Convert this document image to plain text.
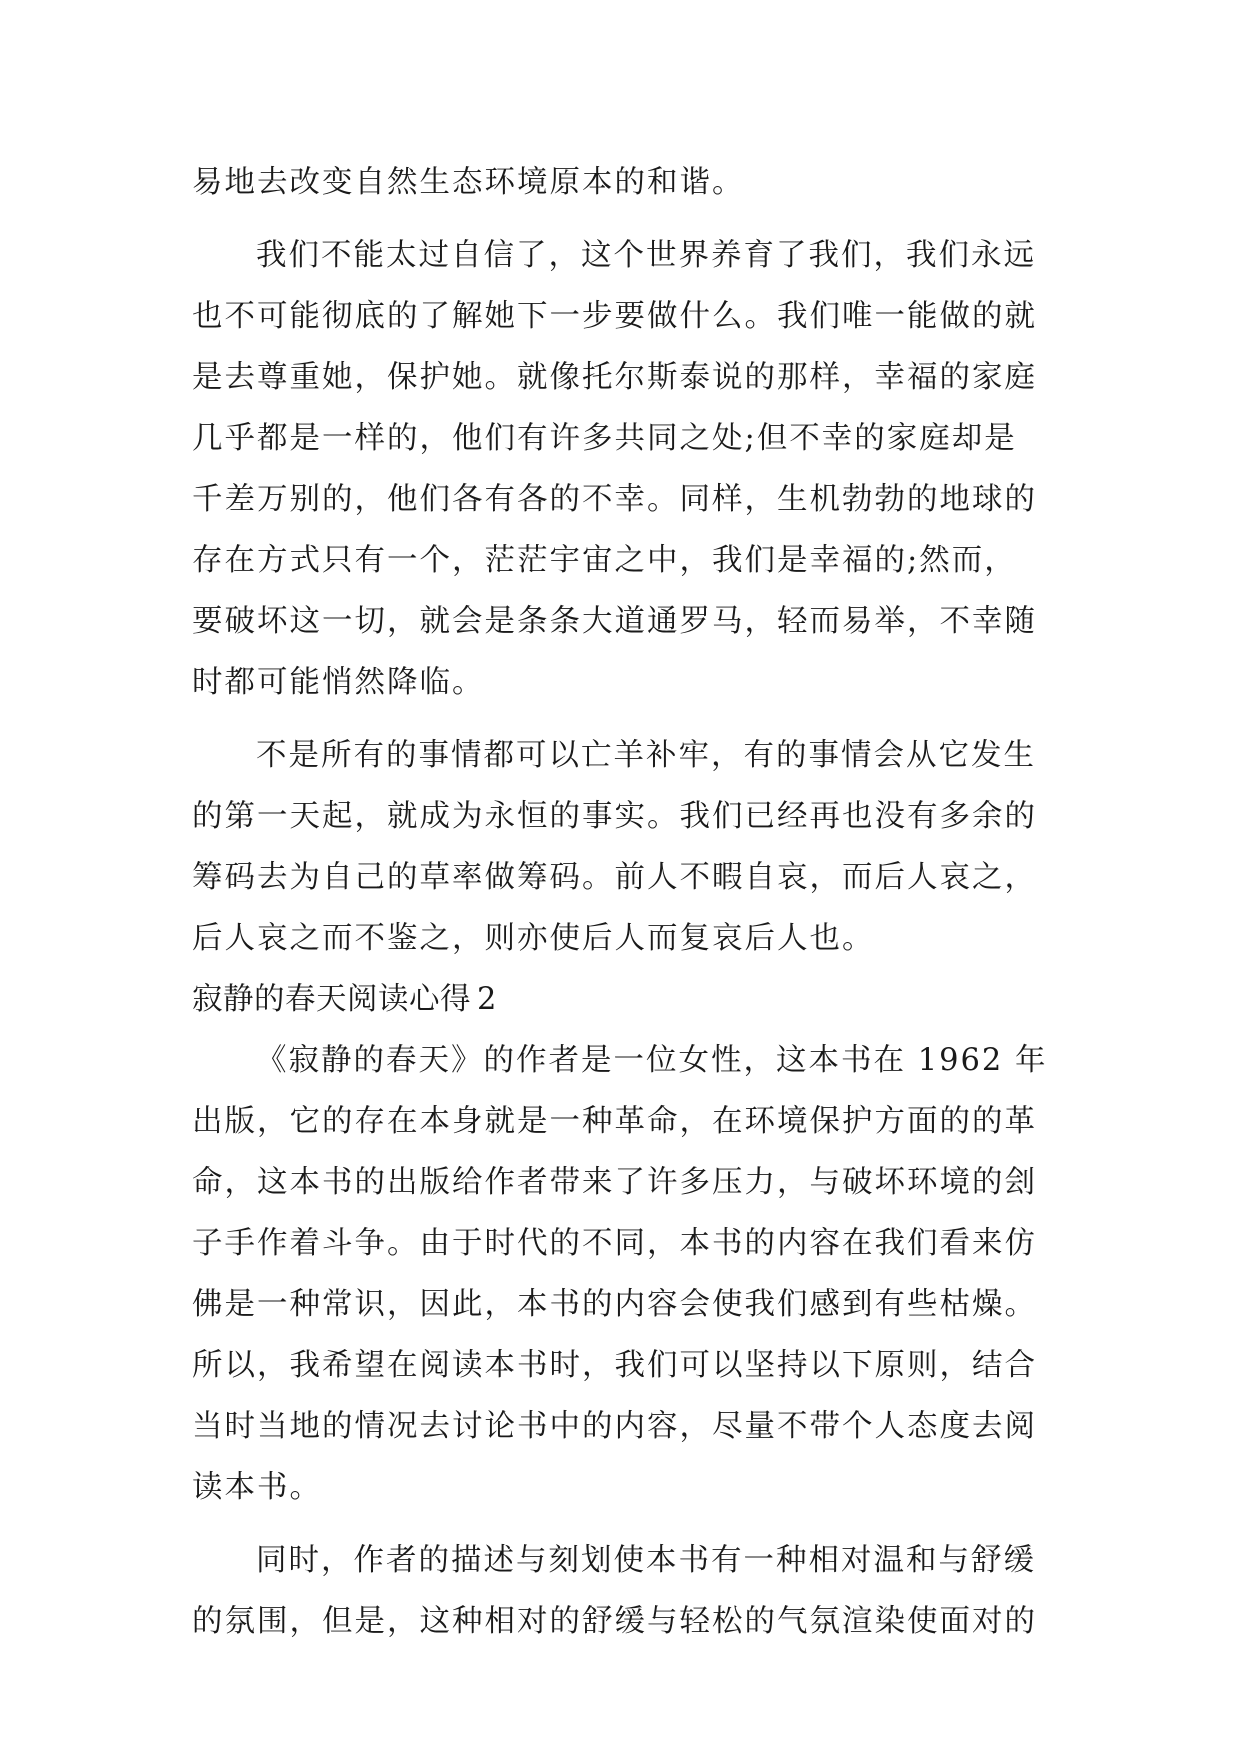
易地去改变自然生态环境原本的和谐。
我们不能太过自信了，这个世界养育了我们，我们永远
也不可能彻底的了解她下一步要做什么。我们唯一能做的就
是去尊重她，保护她。就像托尔斯泰说的那样，幸福的家庭
几乎都是一样的，他们有许多共同之处;但不幸的家庭却是
千差万别的，他们各有各的不幸。同样，生机勃勃的地球的
存在方式只有一个，茫茫宇宙之中，我们是幸福的;然而，
要破坏这一切，就会是条条大道通罗马，轻而易举，不幸随
时都可能悄然降临。
不是所有的事情都可以亡羊补牢，有的事情会从它发生
的第一天起，就成为永恒的事实。我们已经再也没有多余的
筹码去为自己的草率做筹码。前人不暇自哀，而后人哀之，
后人哀之而不鉴之，则亦使后人而复哀后人也。
寂静的春天阅读心得 2
《寂静的春天》的作者是一位女性，这本书在 1962 年
出版，它的存在本身就是一种革命，在环境保护方面的的革
命，这本书的出版给作者带来了许多压力，与破坏环境的刽
子手作着斗争。由于时代的不同，本书的内容在我们看来仿
佛是一种常识，因此，本书的内容会使我们感到有些枯燥。
所以，我希望在阅读本书时，我们可以坚持以下原则，结合
当时当地的情况去讨论书中的内容，尽量不带个人态度去阅
读本书。
同时，作者的描述与刻划使本书有一种相对温和与舒缓
的氛围，但是，这种相对的舒缓与轻松的气氛渲染使面对的
